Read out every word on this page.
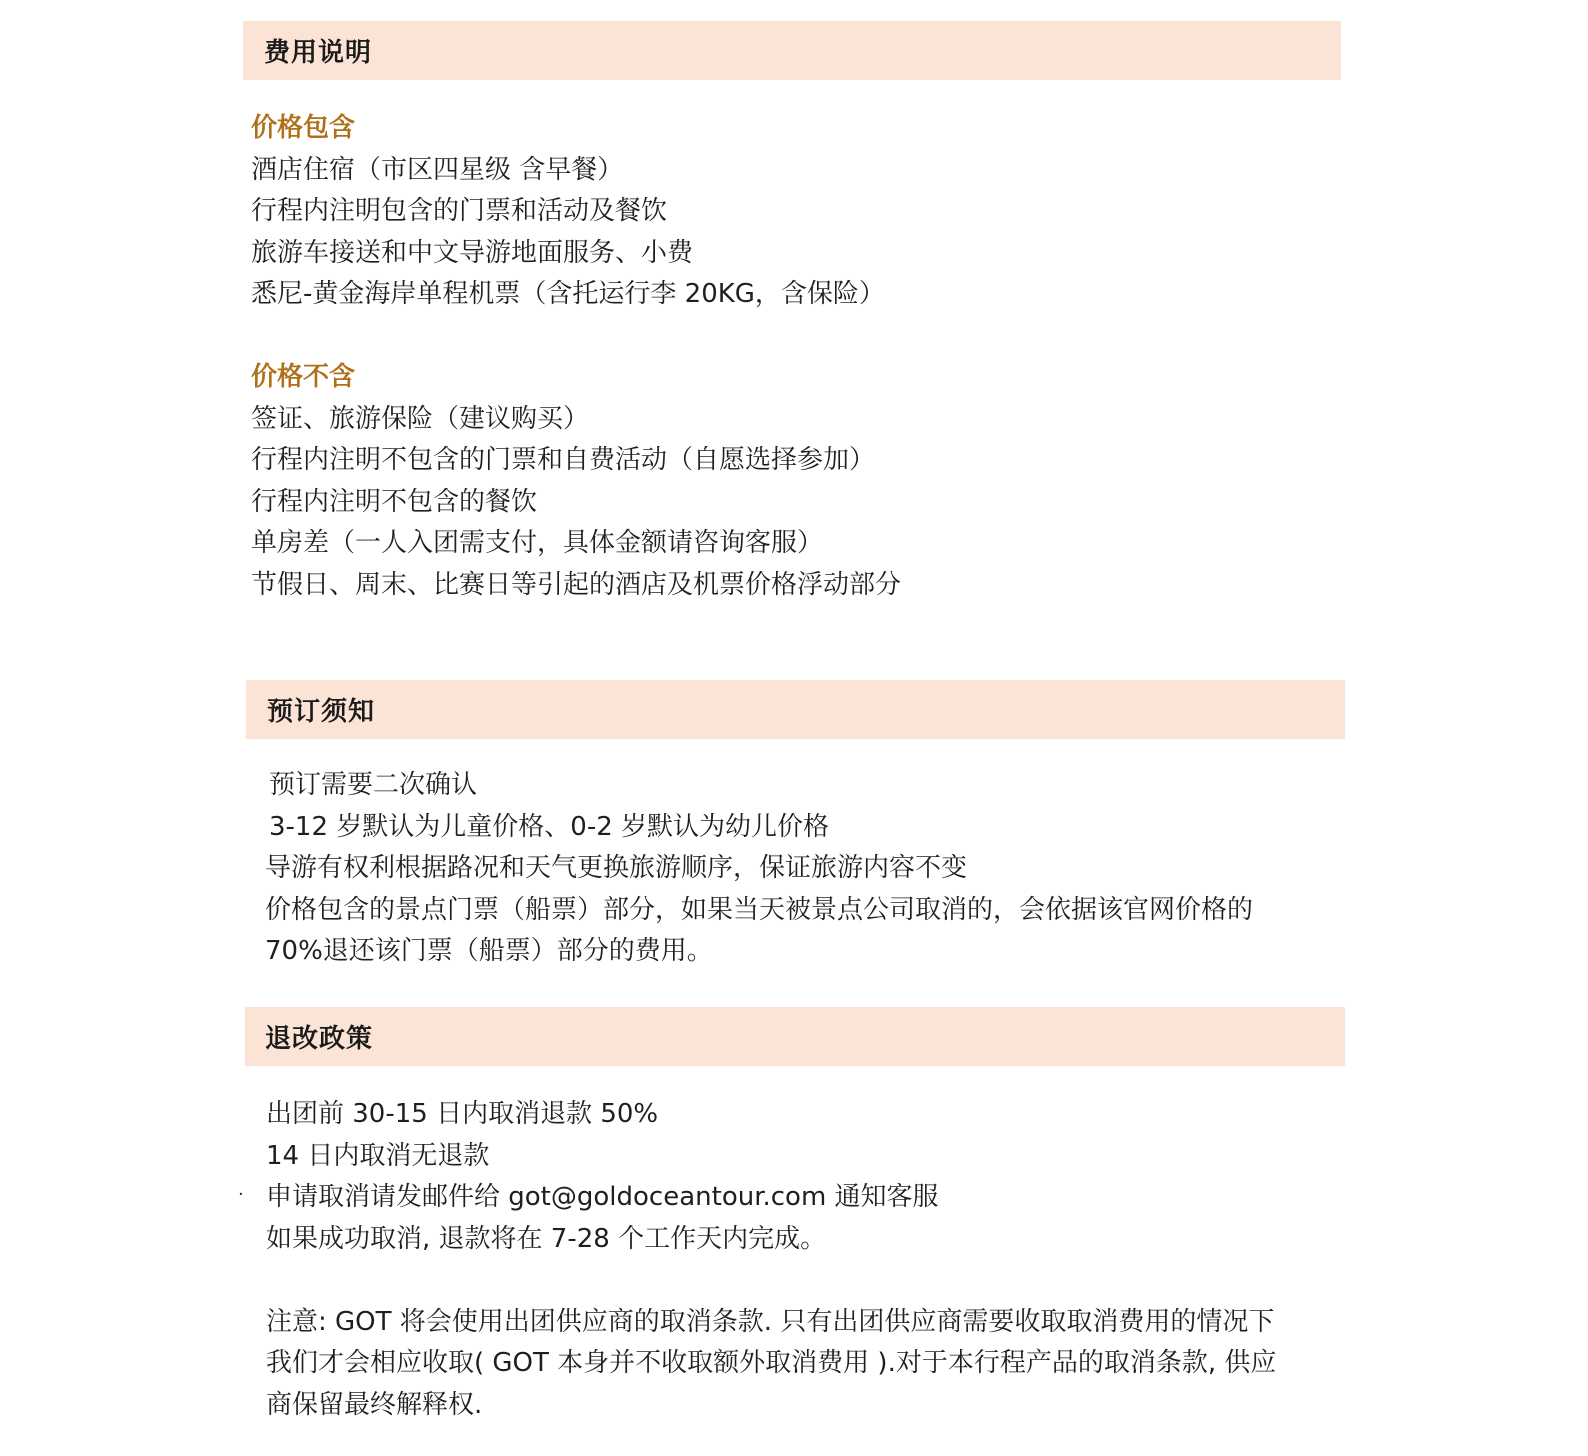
费用说明
价格包含
酒店住宿（市区四星级 含早餐）
行程内注明包含的门票和活动及餐饮
旅游车接送和中文导游地面服务、小费
悉尼-黄金海岸单程机票（含托运行李 20KG，含保险）
价格不含
签证、旅游保险（建议购买）
行程内注明不包含的门票和自费活动（自愿选择参加）
行程内注明不包含的餐饮
单房差（一人入团需支付，具体金额请咨询客服）
节假日、周末、比赛日等引起的酒店及机票价格浮动部分
预订须知
预订需要二次确认
3-12 岁默认为儿童价格、0-2 岁默认为幼儿价格
导游有权利根据路况和天气更换旅游顺序，保证旅游内容不变
价格包含的景点门票（船票）部分，如果当天被景点公司取消的，会依据该官网价格的
70%退还该门票（船票）部分的费用。
退改政策
·
出团前 30-15 日内取消退款 50%
14 日内取消无退款
申请取消请发邮件给 got@goldoceantour.com 通知客服
如果成功取消, 退款将在 7-28 个工作天内完成。
注意: GOT 将会使用出团供应商的取消条款. 只有出团供应商需要收取取消费用的情况下
我们才会相应收取( GOT 本身并不收取额外取消费用 ).对于本行程产品的取消条款, 供应
商保留最终解释权.
